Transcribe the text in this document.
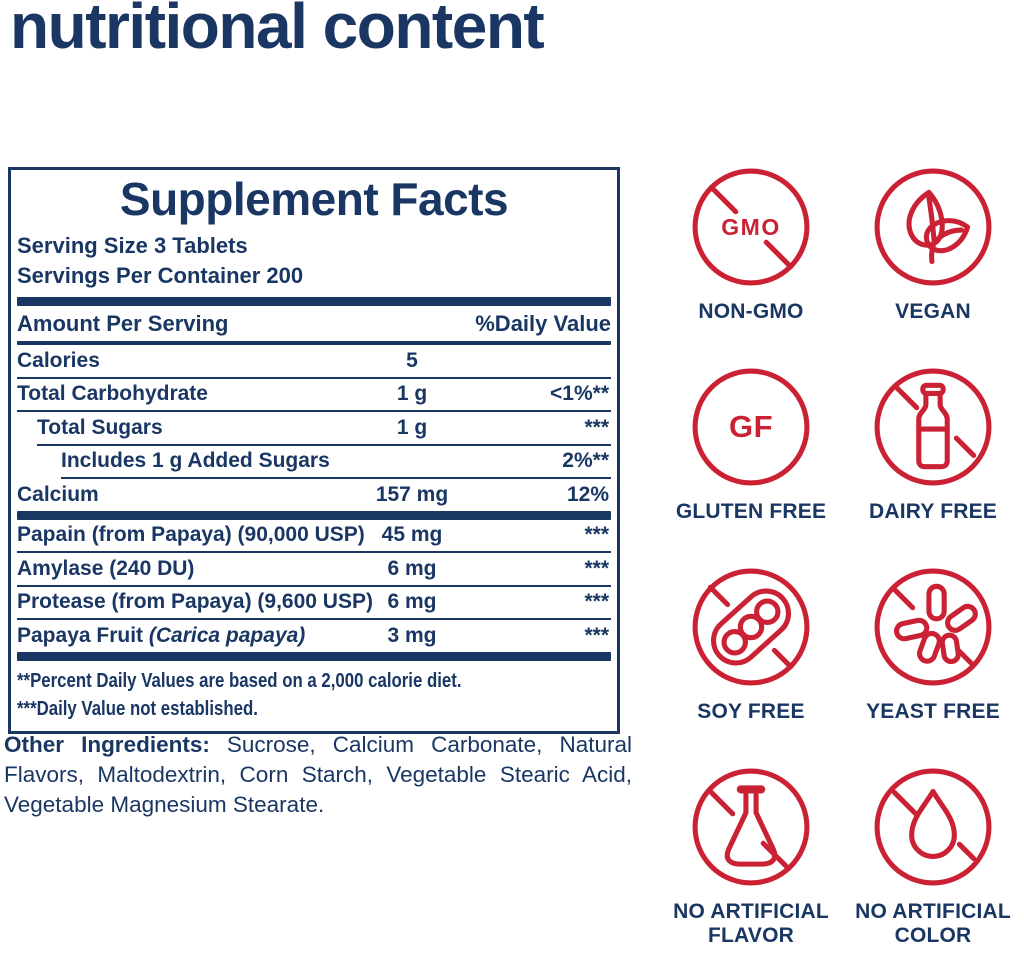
nutritional content
Supplement Facts
Serving Size 3 Tablets
Servings Per Container 200
Amount Per Serving	%Daily Value
Calories	5
Total Carbohydrate	1 g	<1%**
Total Sugars	1 g	***
Includes 1 g Added Sugars	2%**
Calcium	157 mg	12%
Papain (from Papaya) (90,000 USP) 45 mg	***
Amylase (240 DU)	6 mg	***
Protease (from Papaya) (9,600 USP) 6 mg	***
Papaya Fruit (Carica papaya)	3 mg	***
**Percent Daily Values are based on a 2,000 calorie diet.
***Daily Value not established.

Other Ingredients: Sucrose, Calcium Carbonate, Natural Flavors, Maltodextrin, Corn Starch, Vegetable Stearic Acid, Vegetable Magnesium Stearate.

GMO
NON-GMO	VEGAN
GF
GLUTEN FREE DAIRY FREE
SOY FREE	YEAST FREE
NO ARTIFICIAL FLAVOR
NO ARTIFICIAL COLOR
